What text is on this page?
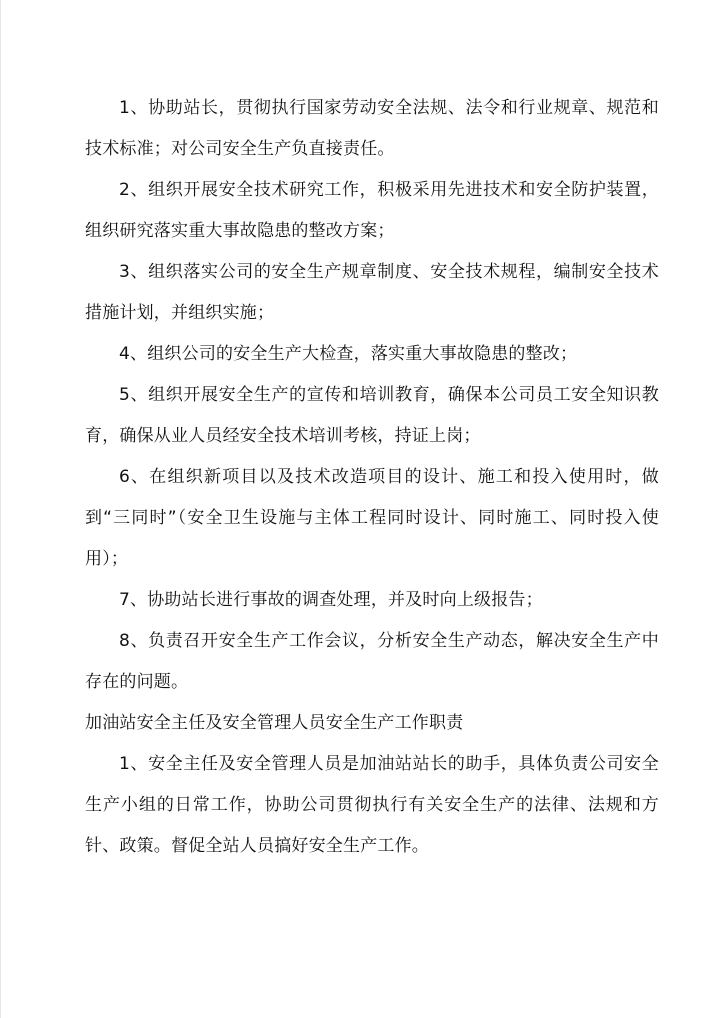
1、协助站长，贯彻执行国家劳动安全法规、法令和行业规章、规范和技术标准；对公司安全生产负直接责任。

2、组织开展安全技术研究工作，积极采用先进技术和安全防护装置，组织研究落实重大事故隐患的整改方案；

3、组织落实公司的安全生产规章制度、安全技术规程，编制安全技术措施计划，并组织实施；

4、组织公司的安全生产大检查，落实重大事故隐患的整改；

5、组织开展安全生产的宣传和培训教育，确保本公司员工安全知识教育，确保从业人员经安全技术培训考核，持证上岗；

6、在组织新项目以及技术改造项目的设计、施工和投入使用时，做到“三同时”（安全卫生设施与主体工程同时设计、同时施工、同时投入使用）；

7、协助站长进行事故的调查处理，并及时向上级报告；

8、负责召开安全生产工作会议，分析安全生产动态，解决安全生产中存在的问题。

加油站安全主任及安全管理人员安全生产工作职责

1、安全主任及安全管理人员是加油站站长的助手，具体负责公司安全生产小组的日常工作，协助公司贯彻执行有关安全生产的法律、法规和方针、政策。督促全站人员搞好安全生产工作。
